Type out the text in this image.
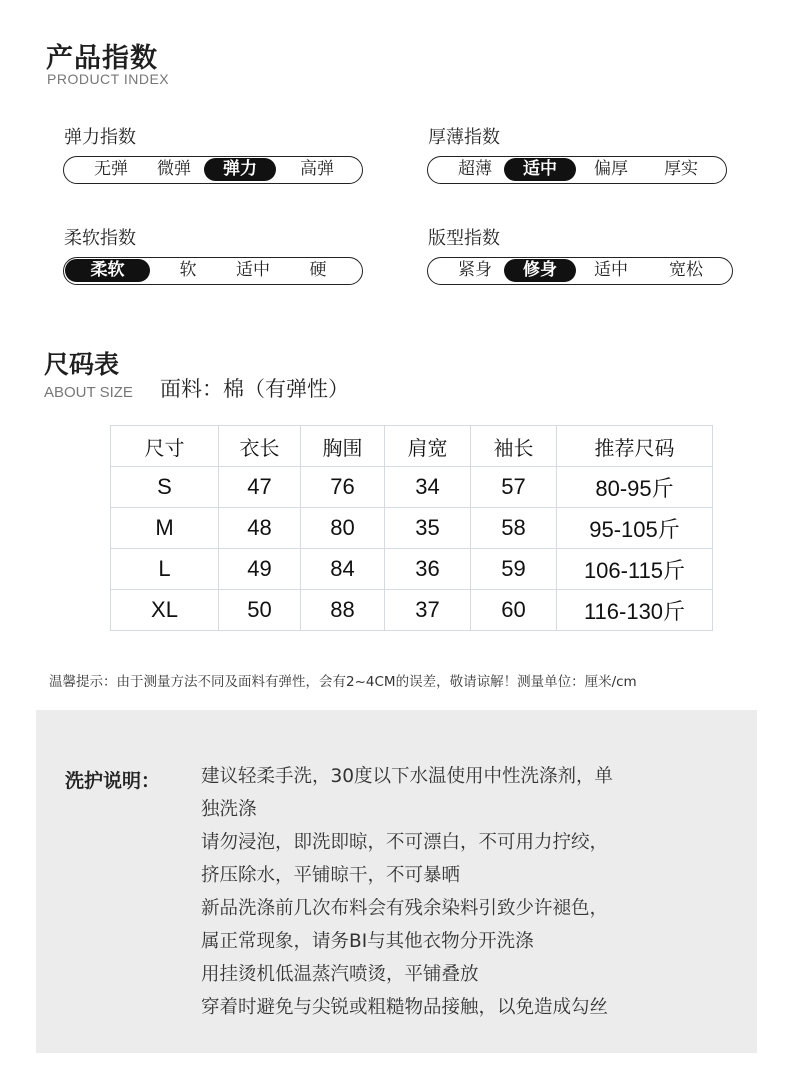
产品指数
PRODUCT INDEX
弹力指数
无弹	微弹	弹力	高弹
厚薄指数
超薄	适中	偏厚	厚实
柔软指数
柔软	软	适中	硬
版型指数
紧身	修身	适中	宽松
尺码表
ABOUT SIZE 面料：棉（有弹性）
尺寸	衣长	胸围	肩宽	袖长	推荐尺码
S	47	76	34	57	80-95斤
M	48	80	35	58	95-105斤
L	49	84	36	59	106-115斤
XL	50	88	37	60	116-130斤
温馨提示：由于测量方法不同及面料有弹性，会有2~4CM的误差，敬请谅解！测量单位：厘米/cm
洗护说明： 建议轻柔手洗，30度以下水温使用中性洗涤剂，单
独洗涤
请勿浸泡，即洗即晾，不可漂白，不可用力拧绞，
挤压除水，平铺晾干，不可暴晒
新品洗涤前几次布料会有残余染料引致少许褪色，
属正常现象，请务BI与其他衣物分开洗涤
用挂烫机低温蒸汽喷烫，平铺叠放
穿着时避免与尖锐或粗糙物品接触，以免造成勾丝
